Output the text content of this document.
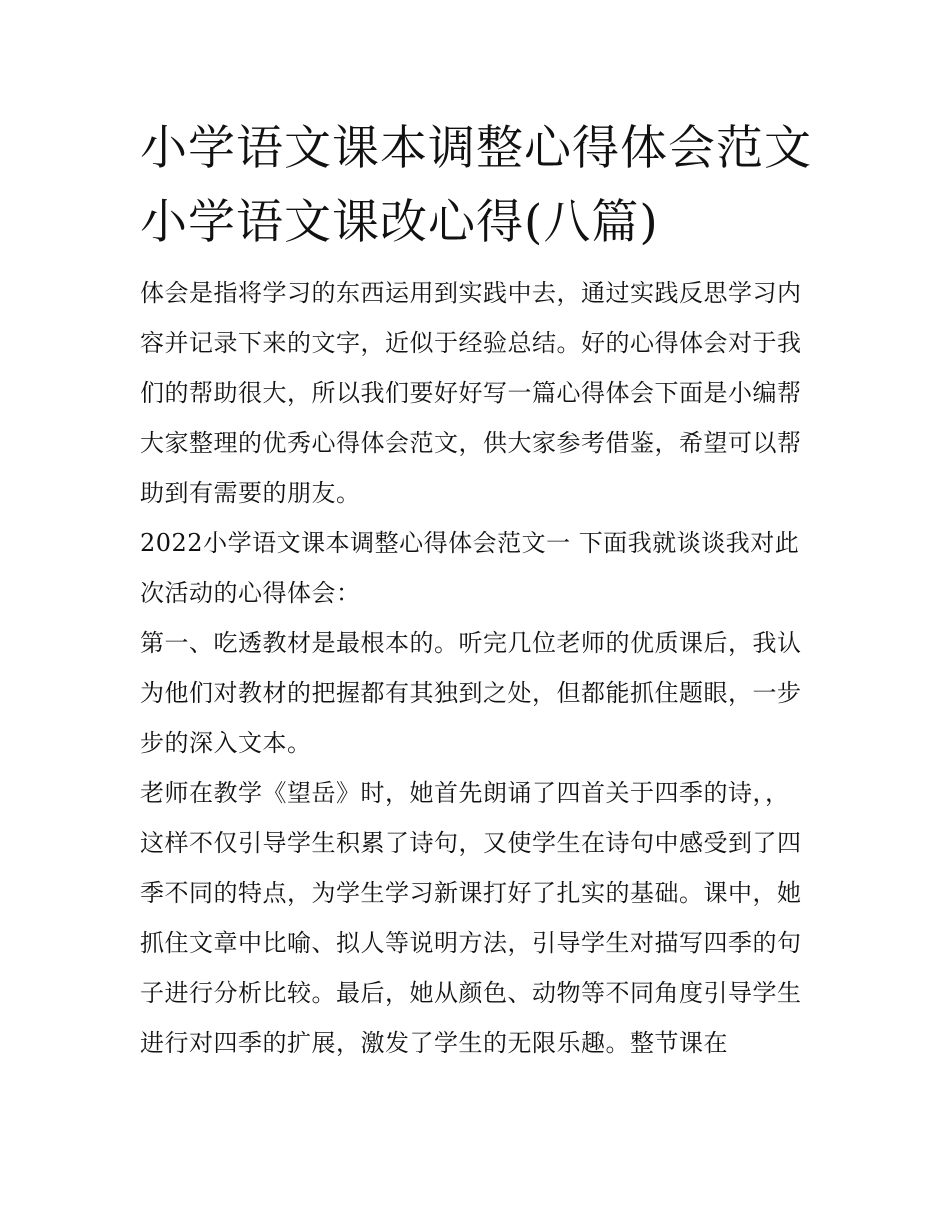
小学语文课本调整心得体会范文 小学语文课改心得(八篇)

体会是指将学习的东西运用到实践中去，通过实践反思学习内容并记录下来的文字，近似于经验总结。好的心得体会对于我们的帮助很大，所以我们要好好写一篇心得体会下面是小编帮大家整理的优秀心得体会范文，供大家参考借鉴，希望可以帮助到有需要的朋友。

2022小学语文课本调整心得体会范文一 下面我就谈谈我对此次活动的心得体会：

第一、吃透教材是最根本的。听完几位老师的优质课后，我认为他们对教材的把握都有其独到之处，但都能抓住题眼，一步步的深入文本。

老师在教学《望岳》时，她首先朗诵了四首关于四季的诗，，这样不仅引导学生积累了诗句，又使学生在诗句中感受到了四季不同的特点，为学生学习新课打好了扎实的基础。课中，她抓住文章中比喻、拟人等说明方法，引导学生对描写四季的句子进行分析比较。最后，她从颜色、动物等不同角度引导学生进行对四季的扩展，激发了学生的无限乐趣。整节课在
